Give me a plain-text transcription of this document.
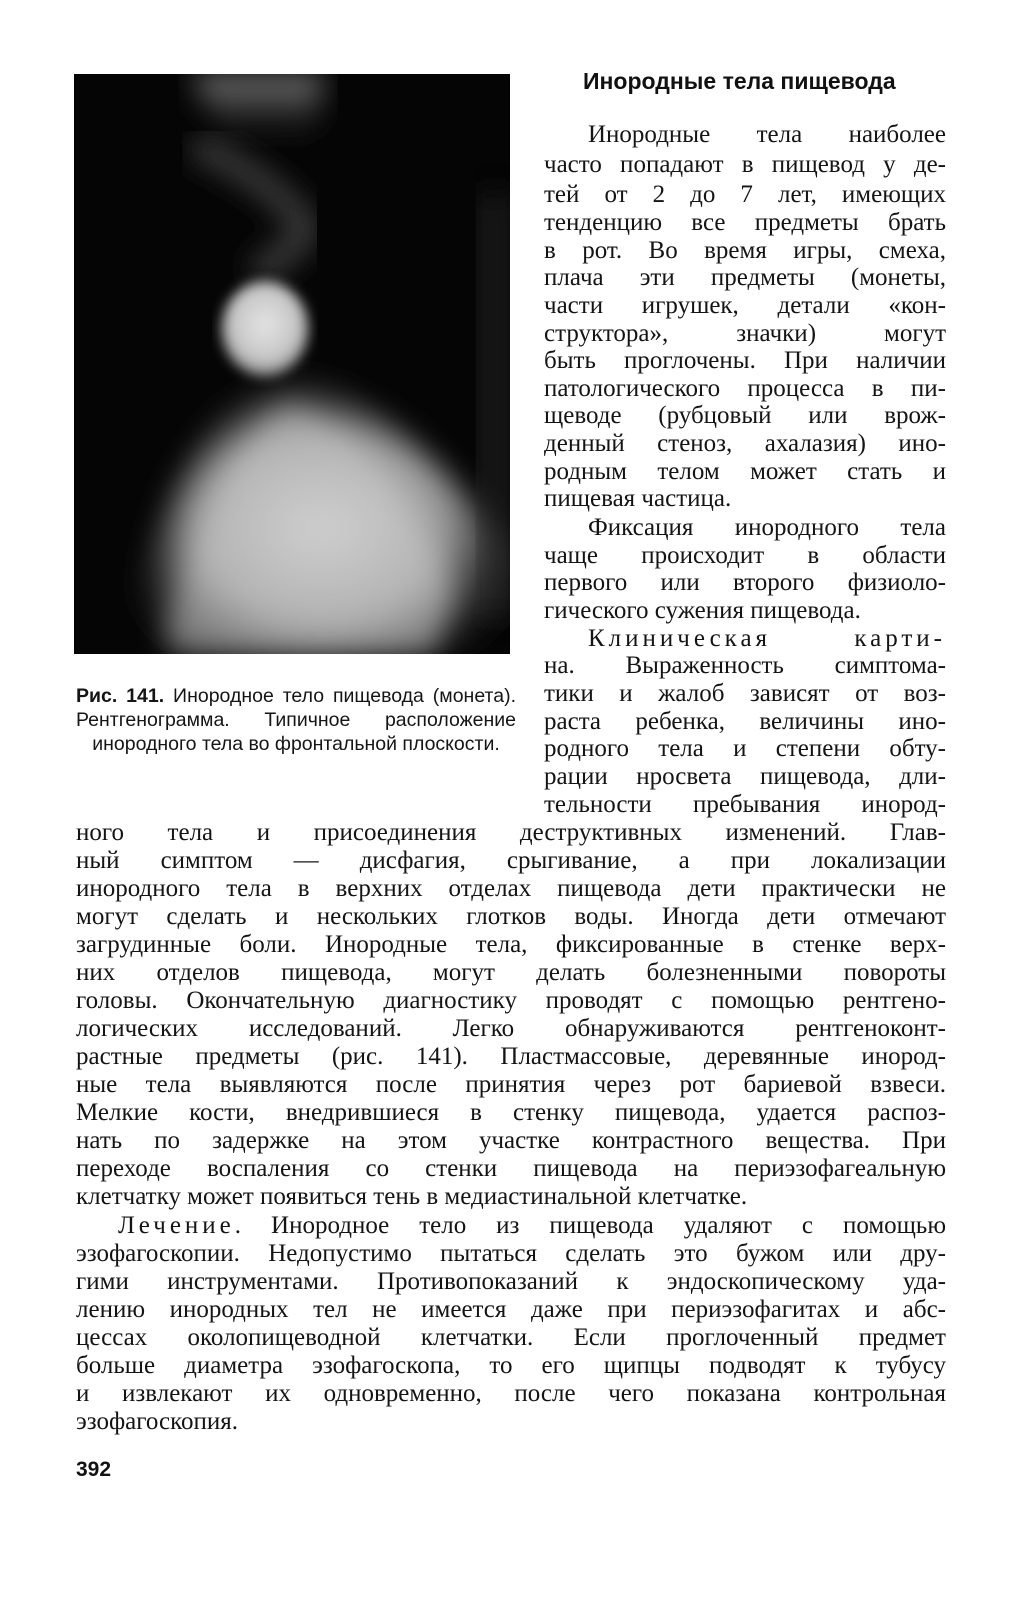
Рис. 141. Инородное тело пищевода (монета). Рентгенограмма. Типичное расположение инородного тела во фронтальной плоскости.
Инородные тела пищевода
Инородные тела наиболее
часто попадают в пищевод у де-
тей от 2 до 7 лет, имеющих
тенденцию все предметы брать
в рот. Во время игры, смеха,
плача эти предметы (монеты,
части игрушек, детали «кон-
структора», значки) могут
быть проглочены. При наличии
патологического процесса в пи-
щеводе (рубцовый или врож-
денный стеноз, ахалазия) ино-
родным телом может стать и
пищевая частица.
Фиксация инородного тела
чаще происходит в области
первого или второго физиоло-
гического сужения пищевода.
Клиническая	карти-
на. Выраженность симптома-
тики и жалоб зависят от воз-
раста ребенка, величины ино-
родного тела и степени обту-
рации нросвета пищевода, дли-
тельности пребывания инород-
ного тела и присоединения деструктивных изменений. Глав-
ный симптом — дисфагия, срыгивание, а при локализации
инородного тела в верхних отделах пищевода дети практически не
могут сделать и нескольких глотков воды. Иногда дети отмечают
загрудинные боли. Инородные тела, фиксированные в стенке верх-
них отделов пищевода, могут делать болезненными повороты
головы. Окончательную диагностику проводят с помощью рентгено-
логических исследований. Легко обнаруживаются рентгеноконт-
растные предметы (рис. 141). Пластмассовые, деревянные инород-
ные тела выявляются после принятия через рот бариевой взвеси.
Мелкие кости, внедрившиеся в стенку пищевода, удается распоз-
нать по задержке на этом участке контрастного вещества. При
переходе воспаления со стенки пищевода на периэзофагеальную
клетчатку может появиться тень в медиастинальной клетчатке.
Лечение. Инородное тело из пищевода удаляют с помощью
эзофагоскопии. Недопустимо пытаться сделать это бужом или дру-
гими инструментами. Противопоказаний к эндоскопическому уда-
лению инородных тел не имеется даже при периэзофагитах и абс-
цессах околопищеводной клетчатки. Если проглоченный предмет
больше диаметра эзофагоскопа, то его щипцы подводят к тубусу
и извлекают их одновременно, после чего показана контрольная
эзофагоскопия.
392
